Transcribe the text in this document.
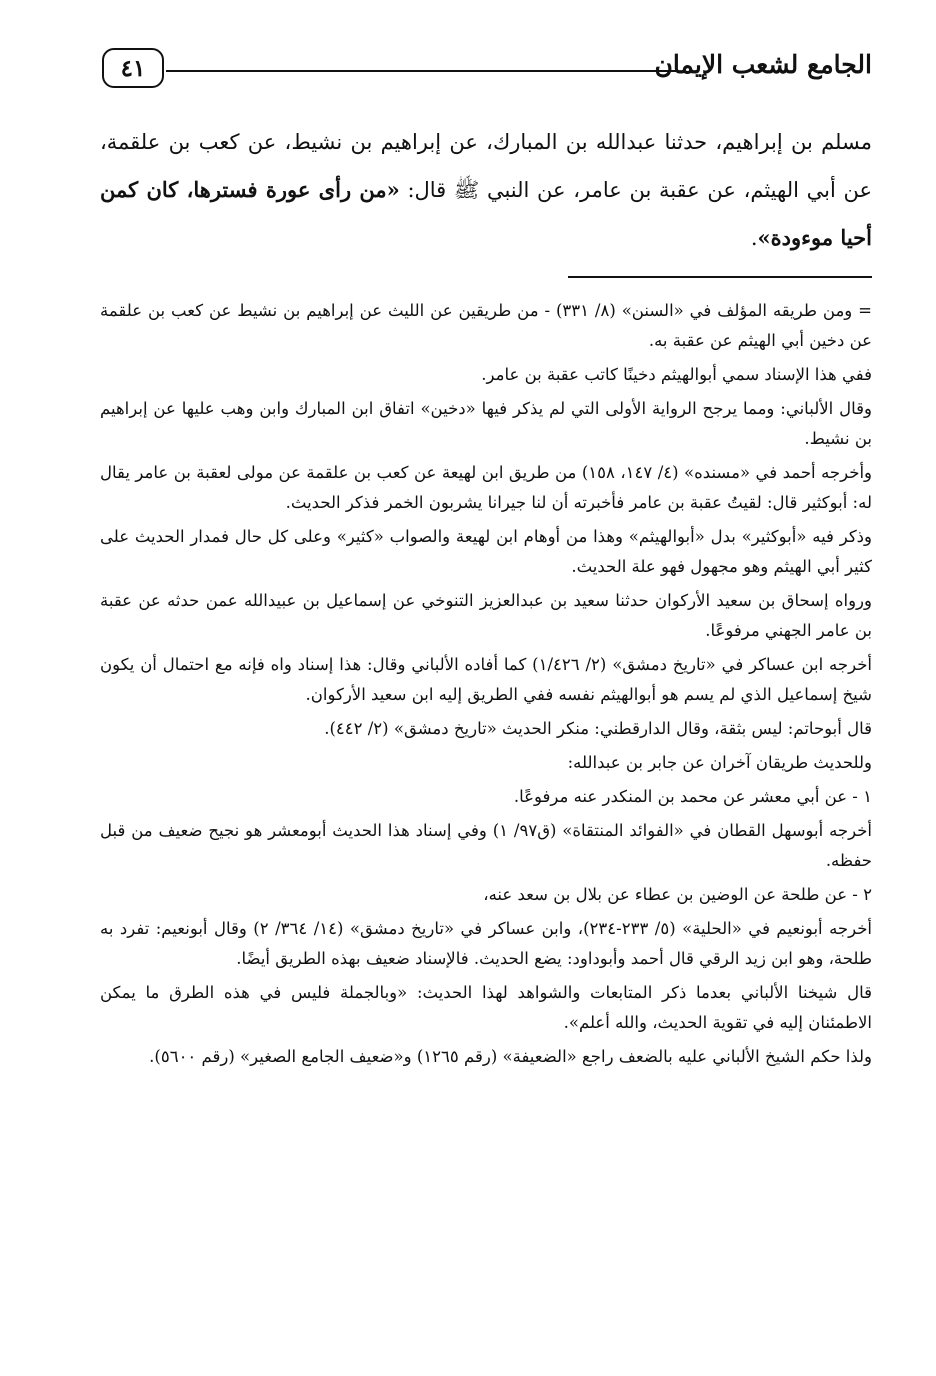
الجامع لشعب الإيمان
٤١

مسلم بن إبراهيم، حدثنا عبدالله بن المبارك، عن إبراهيم بن نشيط، عن كعب بن علقمة، عن أبي الهيثم، عن عقبة بن عامر، عن النبي ﷺ قال: «من رأى عورة فسترها، كان كمن أحيا موءودة».

= ومن طريقه المؤلف في «السنن» (٨/ ٣٣١) - من طريقين عن الليث عن إبراهيم بن نشيط عن كعب بن علقمة عن دخين أبي الهيثم عن عقبة به.

ففي هذا الإسناد سمي أبوالهيثم دخينًا كاتب عقبة بن عامر.

وقال الألباني: ومما يرجح الرواية الأولى التي لم يذكر فيها «دخين» اتفاق ابن المبارك وابن وهب عليها عن إبراهيم بن نشيط.

وأخرجه أحمد في «مسنده» (٤/ ١٤٧، ١٥٨) من طريق ابن لهيعة عن كعب بن علقمة عن مولى لعقبة بن عامر يقال له: أبوكثير قال: لقيتُ عقبة بن عامر فأخبرته أن لنا جيرانا يشربون الخمر فذكر الحديث.

وذكر فيه «أبوكثير» بدل «أبوالهيثم» وهذا من أوهام ابن لهيعة والصواب «كثير» وعلى كل حال فمدار الحديث على كثير أبي الهيثم وهو مجهول فهو علة الحديث.

ورواه إسحاق بن سعيد الأركوان حدثنا سعيد بن عبدالعزيز التنوخي عن إسماعيل بن عبيدالله عمن حدثه عن عقبة بن عامر الجهني مرفوعًا.

أخرجه ابن عساكر في «تاريخ دمشق» (٢/ ١/٤٢٦) كما أفاده الألباني وقال: هذا إسناد واه فإنه مع احتمال أن يكون شيخ إسماعيل الذي لم يسم هو أبوالهيثم نفسه ففي الطريق إليه ابن سعيد الأركوان.

قال أبوحاتم: ليس بثقة، وقال الدارقطني: منكر الحديث «تاريخ دمشق» (٢/ ٤٤٢).

وللحديث طريقان آخران عن جابر بن عبدالله:

١ - عن أبي معشر عن محمد بن المنكدر عنه مرفوعًا.

أخرجه أبوسهل القطان في «الفوائد المنتقاة» (ق٩٧/ ١) وفي إسناد هذا الحديث أبومعشر هو نجيح ضعيف من قبل حفظه.

٢ - عن طلحة عن الوضين بن عطاء عن بلال بن سعد عنه،

أخرجه أبونعيم في «الحلية» (٥/ ٢٣٣-٢٣٤)، وابن عساكر في «تاريخ دمشق» (١٤/ ٣٦٤/ ٢) وقال أبونعيم: تفرد به طلحة، وهو ابن زيد الرقي قال أحمد وأبوداود: يضع الحديث. فالإسناد ضعيف بهذه الطريق أيضًا.

قال شيخنا الألباني بعدما ذكر المتابعات والشواهد لهذا الحديث: «وبالجملة فليس في هذه الطرق ما يمكن الاطمئنان إليه في تقوية الحديث، والله أعلم».

ولذا حكم الشيخ الألباني عليه بالضعف راجع «الضعيفة» (رقم ١٢٦٥) و«ضعيف الجامع الصغير» (رقم ٥٦٠٠).
